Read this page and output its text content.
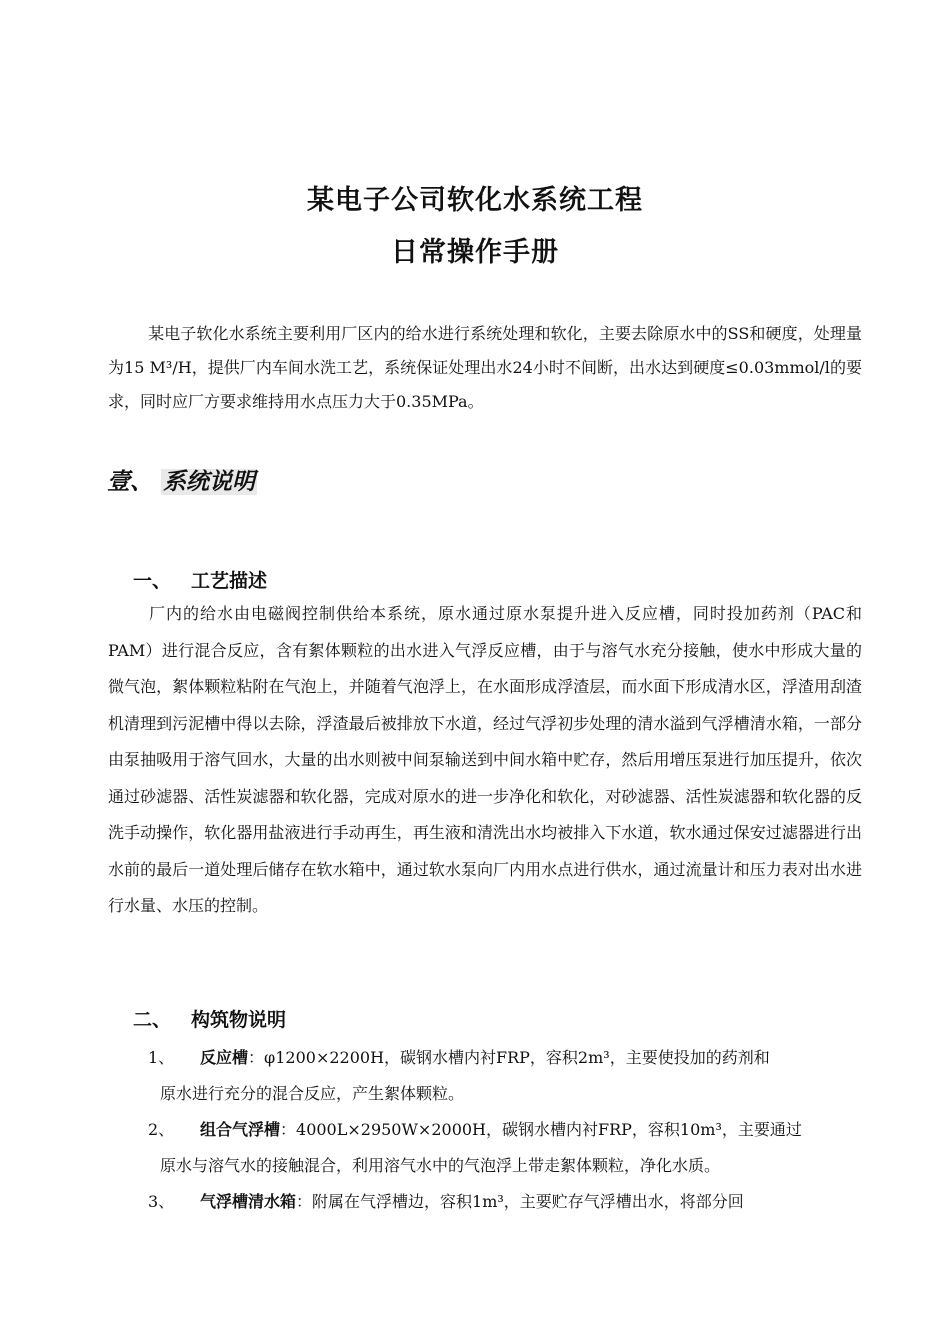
某电子公司软化水系统工程
日常操作手册
某电子软化水系统主要利用厂区内的给水进行系统处理和软化，主要去除原水中的SS和硬度，处理量为15 M³/H，提供厂内车间水洗工艺，系统保证处理出水24小时不间断，出水达到硬度≤0.03mmol/l的要求，同时应厂方要求维持用水点压力大于0.35MPa。
壹、 系统说明
一、 工艺描述
厂内的给水由电磁阀控制供给本系统，原水通过原水泵提升进入反应槽，同时投加药剂（PAC和PAM）进行混合反应，含有絮体颗粒的出水进入气浮反应槽，由于与溶气水充分接触，使水中形成大量的微气泡，絮体颗粒粘附在气泡上，并随着气泡浮上，在水面形成浮渣层，而水面下形成清水区，浮渣用刮渣机清理到污泥槽中得以去除，浮渣最后被排放下水道，经过气浮初步处理的清水溢到气浮槽清水箱，一部分由泵抽吸用于溶气回水，大量的出水则被中间泵输送到中间水箱中贮存，然后用增压泵进行加压提升，依次通过砂滤器、活性炭滤器和软化器，完成对原水的进一步净化和软化，对砂滤器、活性炭滤器和软化器的反洗手动操作，软化器用盐液进行手动再生，再生液和清洗出水均被排入下水道，软水通过保安过滤器进行出水前的最后一道处理后储存在软水箱中，通过软水泵向厂内用水点进行供水，通过流量计和压力表对出水进行水量、水压的控制。
二、 构筑物说明
1、 反应槽：φ1200×2200H，碳钢水槽内衬FRP，容积2m³，主要使投加的药剂和
原水进行充分的混合反应，产生絮体颗粒。
2、 组合气浮槽：4000L×2950W×2000H，碳钢水槽内衬FRP，容积10m³，主要通过
原水与溶气水的接触混合，利用溶气水中的气泡浮上带走絮体颗粒，净化水质。
3、 气浮槽清水箱：附属在气浮槽边，容积1m³，主要贮存气浮槽出水，将部分回
